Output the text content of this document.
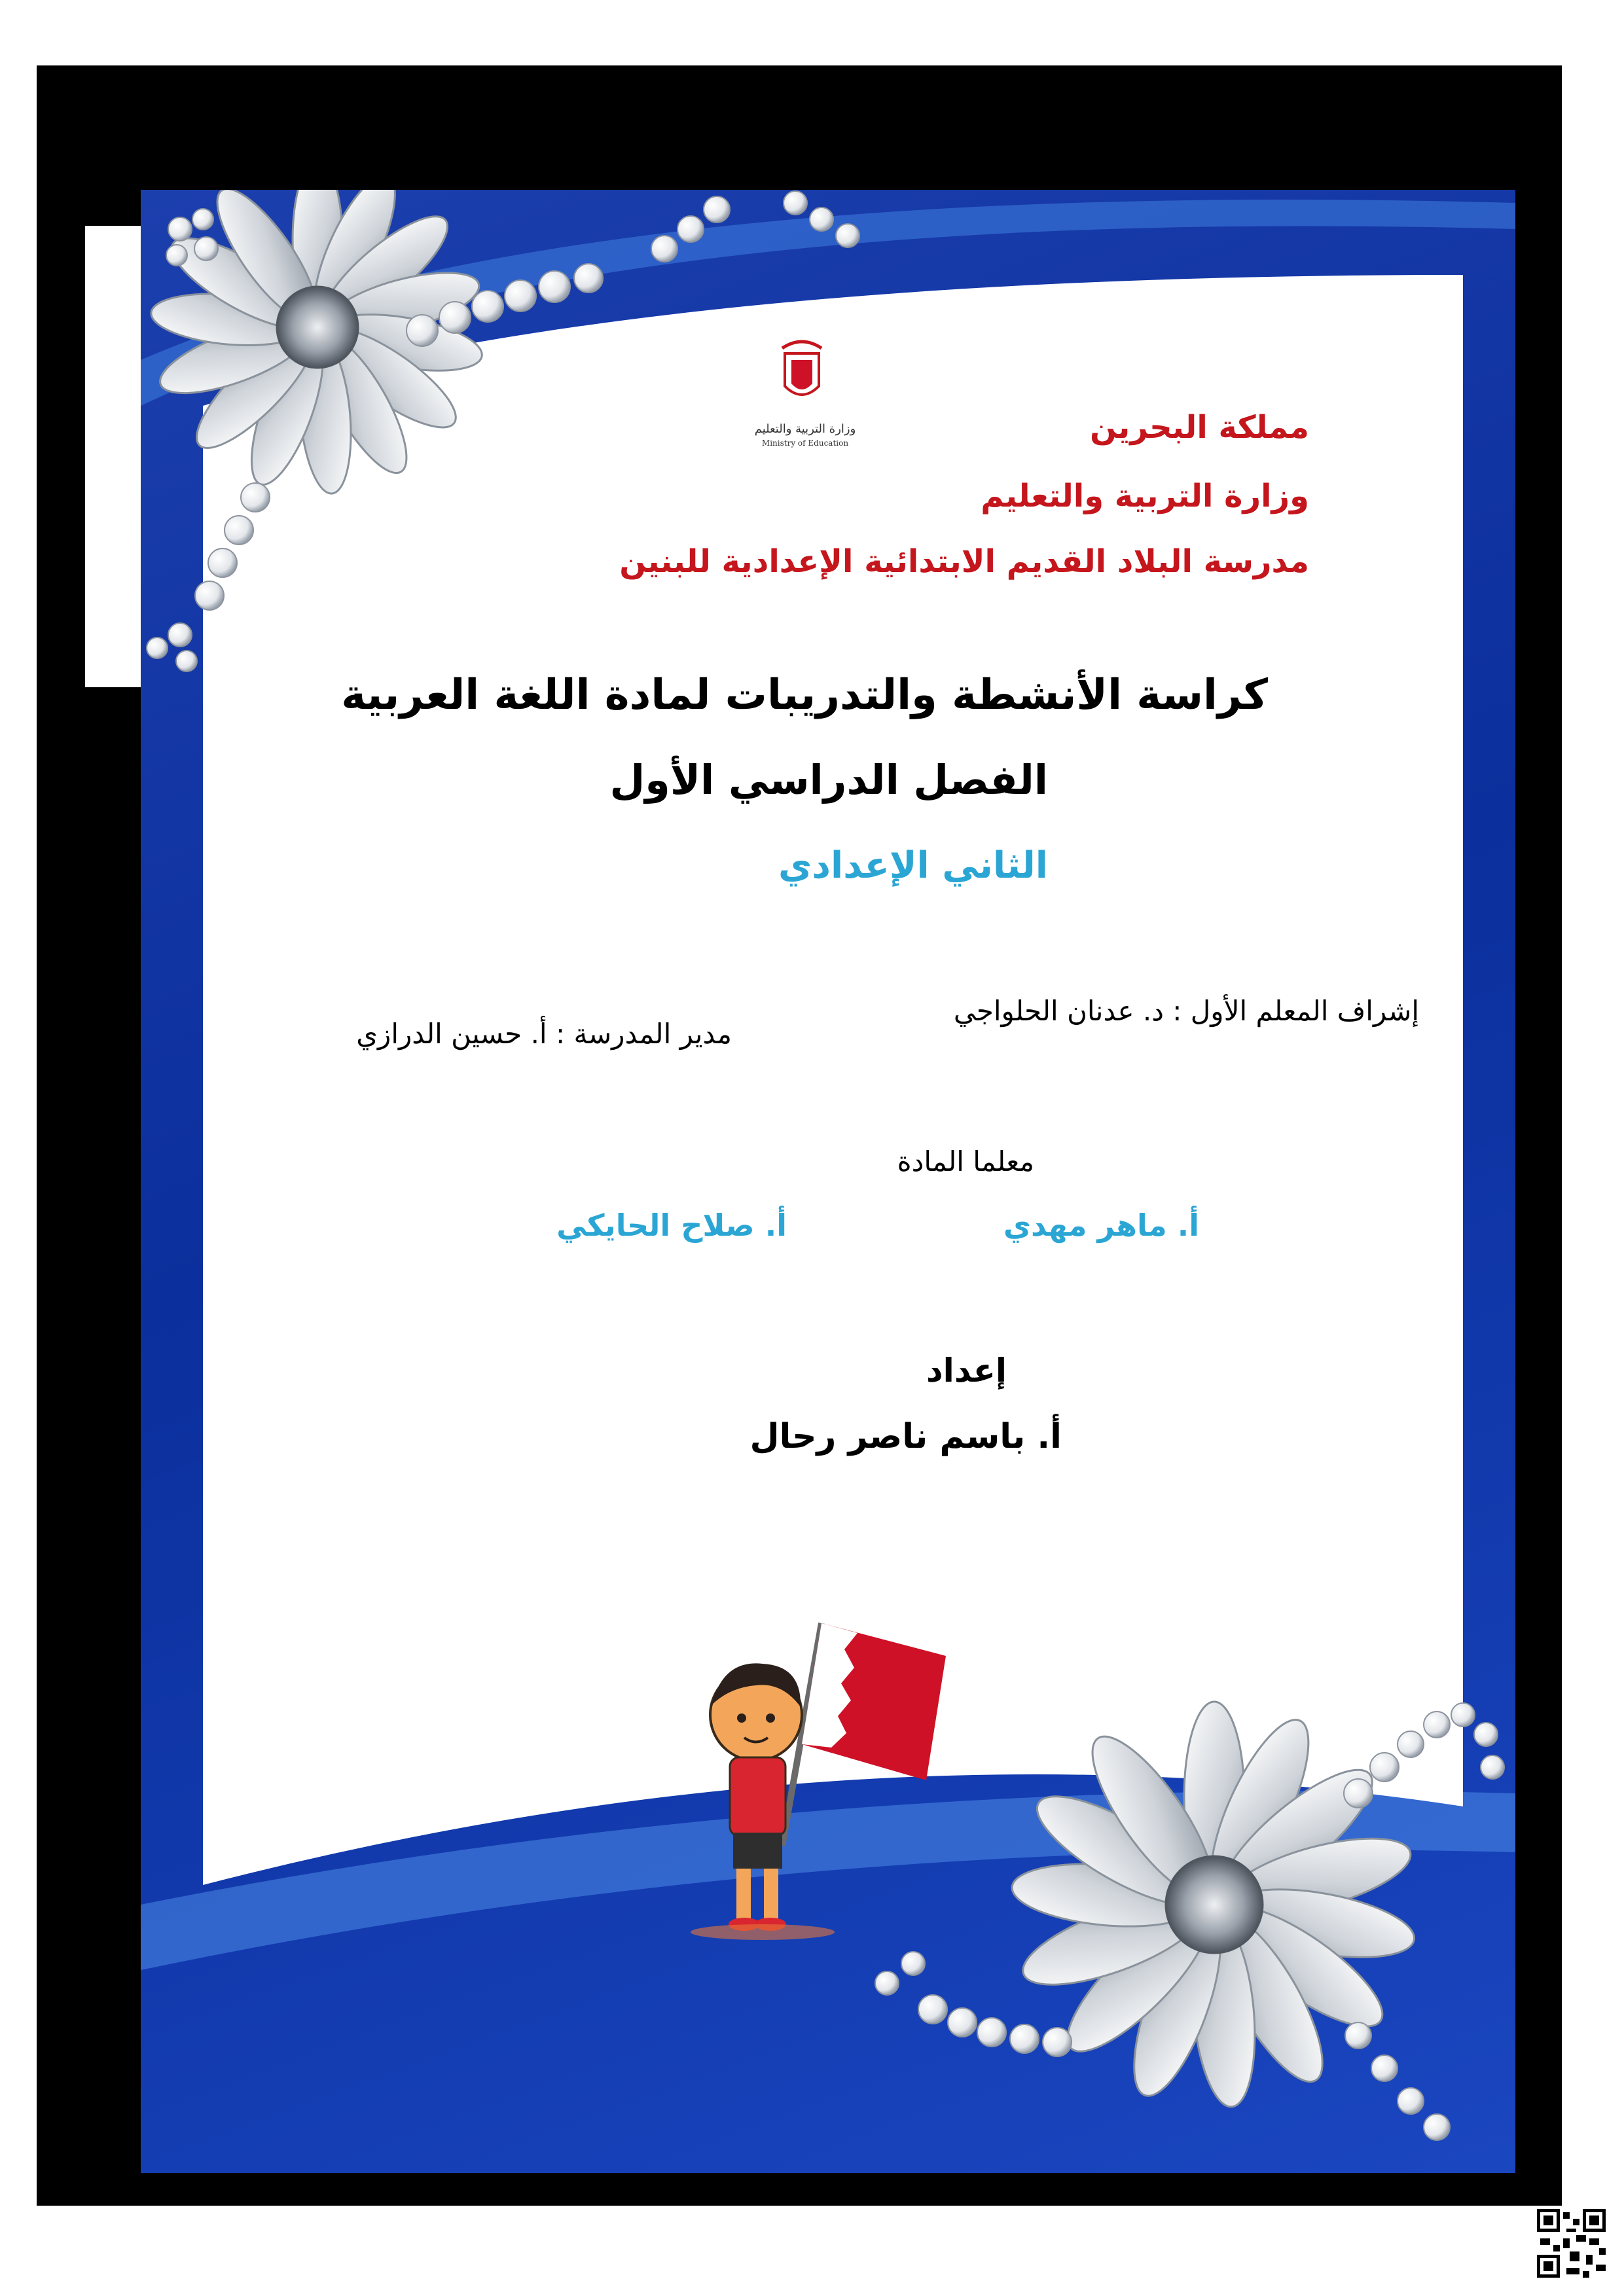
وزارة التربية والتعليم
Ministry of Education	مملكة البحرين
وزارة التربية والتعليم
مدرسة البلاد القديم الابتدائية الإعدادية للبنين
كراسة الأنشطة والتدريبات لمادة اللغة العربية
الفصل الدراسي الأول
الثاني الإعدادي
إشراف المعلم الأول : د. عدنان الحلواجي
مدير المدرسة : أ. حسين الدرازي
معلما المادة
أ. ماهر مهدي
أ. صلاح الحايكي
إعداد
أ. باسم ناصر رحال
